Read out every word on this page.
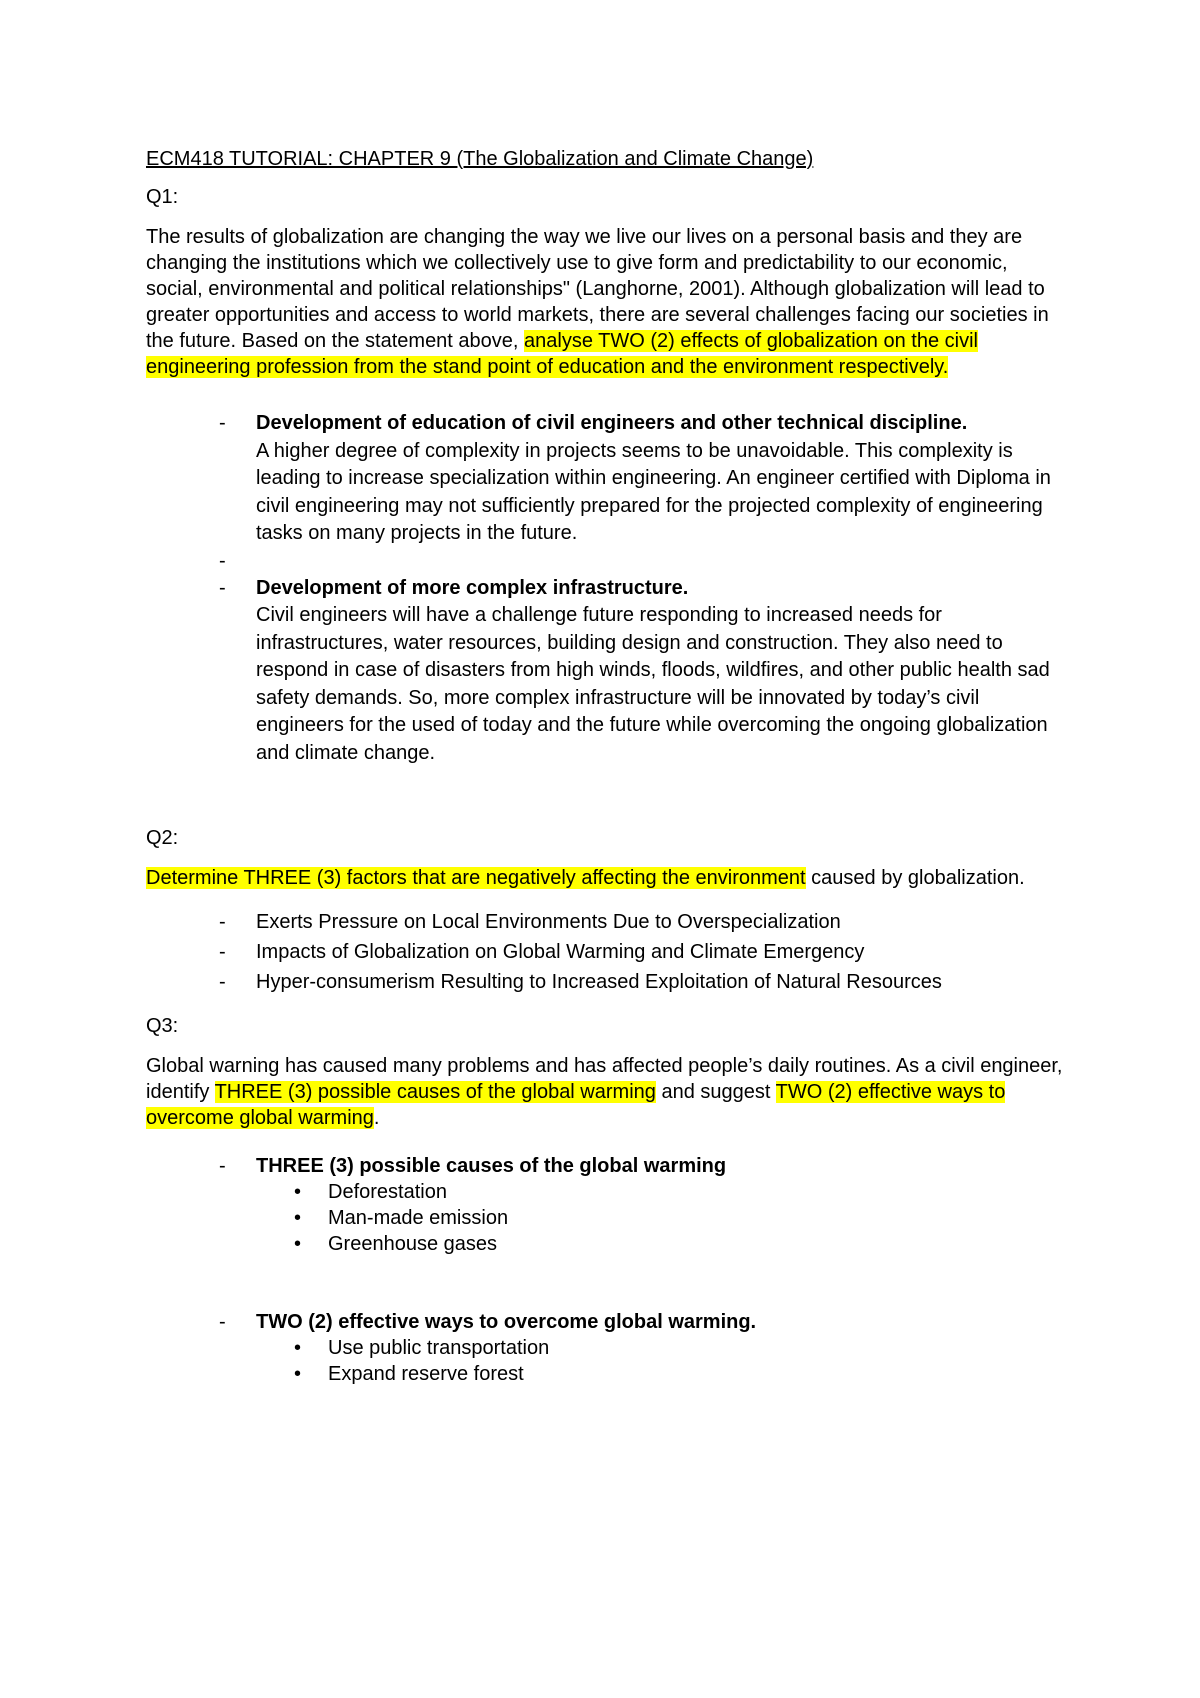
ECM418 TUTORIAL: CHAPTER 9 (The Globalization and Climate Change)

Q1:

The results of globalization are changing the way we live our lives on a personal basis and they are changing the institutions which we collectively use to give form and predictability to our economic, social, environmental and political relationships" (Langhorne, 2001). Although globalization will lead to greater opportunities and access to world markets, there are several challenges facing our societies in the future. Based on the statement above, analyse TWO (2) effects of globalization on the civil engineering profession from the stand point of education and the environment respectively.

- Development of education of civil engineers and other technical discipline.
A higher degree of complexity in projects seems to be unavoidable. This complexity is leading to increase specialization within engineering. An engineer certified with Diploma in civil engineering may not sufficiently prepared for the projected complexity of engineering tasks on many projects in the future.
-
- Development of more complex infrastructure.
Civil engineers will have a challenge future responding to increased needs for infrastructures, water resources, building design and construction. They also need to respond in case of disasters from high winds, floods, wildfires, and other public health sad safety demands. So, more complex infrastructure will be innovated by today’s civil engineers for the used of today and the future while overcoming the ongoing globalization and climate change.

Q2:

Determine THREE (3) factors that are negatively affecting the environment caused by globalization.

- Exerts Pressure on Local Environments Due to Overspecialization
- Impacts of Globalization on Global Warming and Climate Emergency
- Hyper-consumerism Resulting to Increased Exploitation of Natural Resources

Q3:

Global warning has caused many problems and has affected people’s daily routines. As a civil engineer, identify THREE (3) possible causes of the global warming and suggest TWO (2) effective ways to overcome global warming.

- THREE (3) possible causes of the global warming
• Deforestation
• Man-made emission
• Greenhouse gases
- TWO (2) effective ways to overcome global warming.
• Use public transportation
• Expand reserve forest
